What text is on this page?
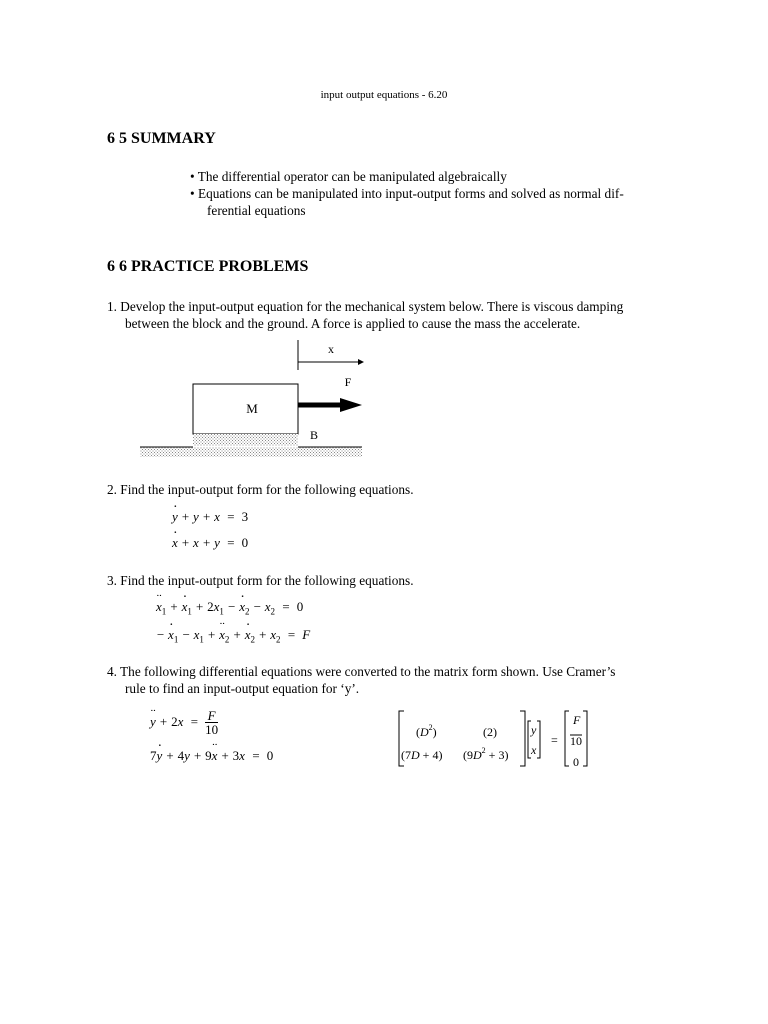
input output equations - 6.20
6 5 SUMMARY
• The differential operator can be manipulated algebraically
• Equations can be manipulated into input-output forms and solved as normal dif-
ferential equations
6 6 PRACTICE PROBLEMS
1. Develop the input-output equation for the mechanical system below. There is viscous damping
between the block and the ground. A force is applied to cause the mass the accelerate.
x
F
M
B
2. Find the input-output form for the following equations.
· y + y + x  =  3
· x + x + y  =  0
3. Find the input-output form for the following equations.
·· $x_1$ + · $x_1 + 2x_1$ − · $x_2 - x_2 = 0$
− · $x_1 - x_1$ + ·· $x_2$ + · $x_2 + x_2 = F$
4. The following differential equations were converted to the matrix form shown. Use Cramer’s
rule to find an input-output equation for ‘y’.
·· $y + 2x = \frac{F}{10}$
7· y + 4y + 9·· x + 3x  =  0
$(D^2)$	(2)
(7D + 4) $(9D^2 + 3)$
y
x
=
F
10
0
